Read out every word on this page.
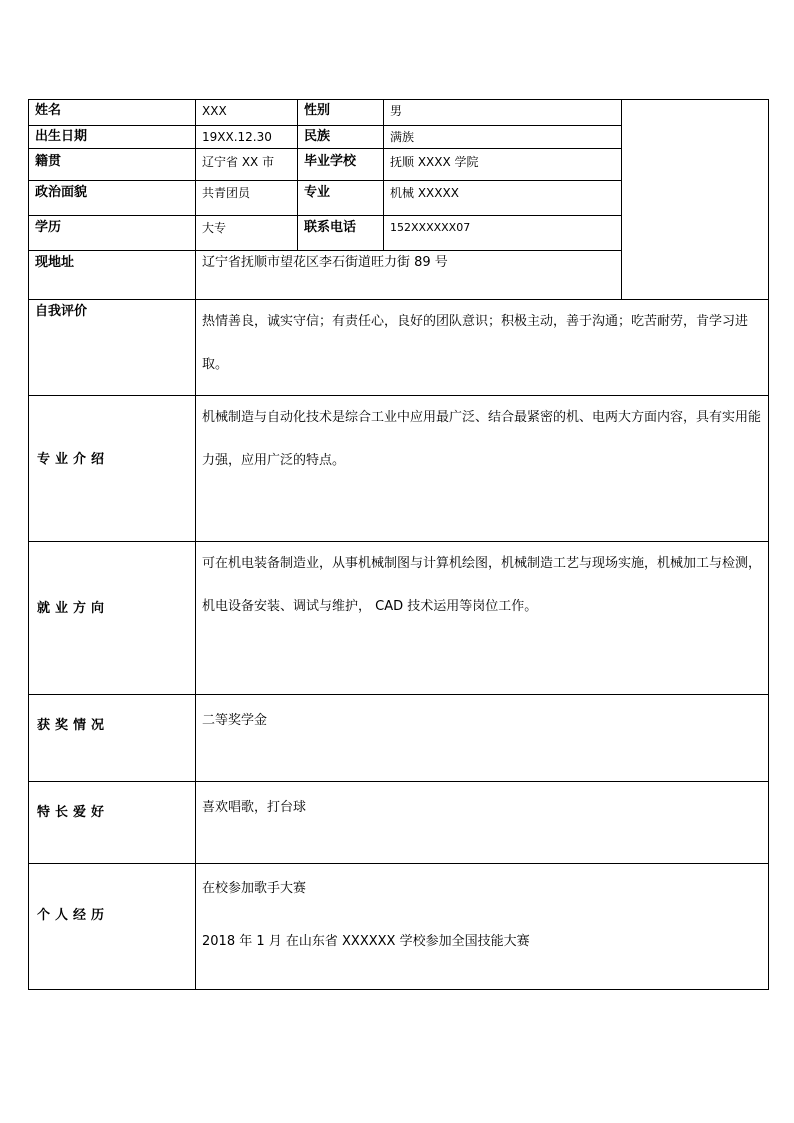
姓名	XXX	性别	男
出生日期	19XX.12.30 民族	满族
籍贯	辽宁省 XX 市 毕业学校	抚顺 XXXX 学院
政治面貌	共青团员	专业	机械 XXXXX
学历	大专	联系电话	152XXXXXX07
现地址	辽宁省抚顺市望花区李石街道旺力街 89 号
自我评价
热情善良，诚实守信；有责任心，良好的团队意识；积极主动，善于沟通；吃苦耐劳，肯学习进取。
专业介绍
机械制造与自动化技术是综合工业中应用最广泛、结合最紧密的机、电两大方面内容，具有实用能力强，应用广泛的特点。
就业方向
可在机电装备制造业，从事机械制图与计算机绘图，机械制造工艺与现场实施，机械加工与检测，机电设备安装、调试与维护， CAD 技术运用等岗位工作。
获奖情况	二等奖学金
特长爱好	喜欢唱歌，打台球
个人经历
在校参加歌手大赛
2018 年 1 月 在山东省 XXXXXX 学校参加全国技能大赛
